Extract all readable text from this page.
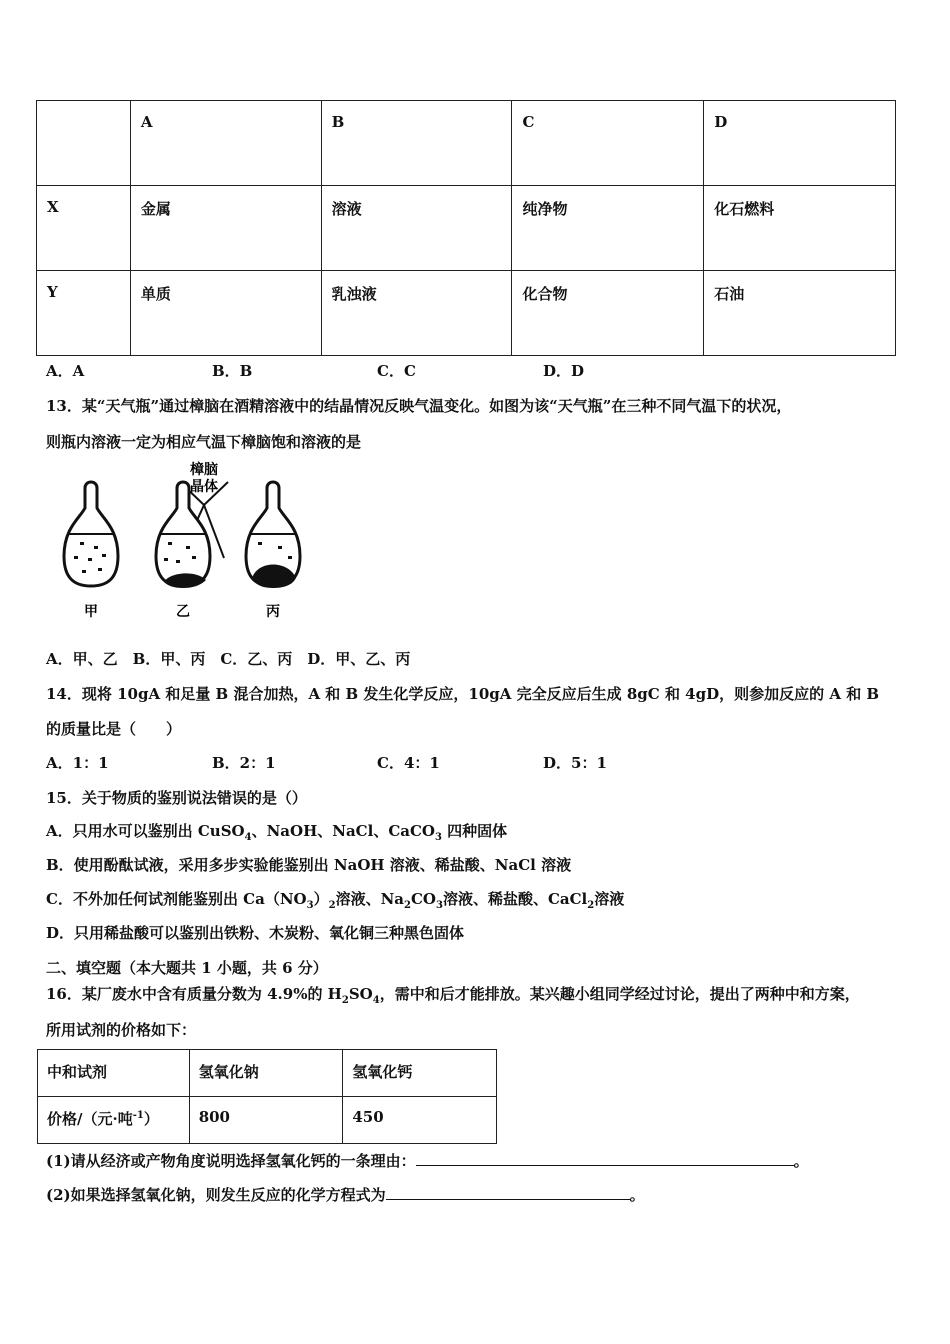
	A	B	C	D

X	金属	溶液	纯净物	化石燃料

Y	单质	乳浊液	化合物	石油
A．A	B．B	C．C	D．D
13．某“天气瓶”通过樟脑在酒精溶液中的结晶情况反映气温变化。如图为该“天气瓶”在三种不同气温下的状况，
则瓶内溶液一定为相应气温下樟脑饱和溶液的是
樟脑
晶体
甲	乙	丙
A．甲、乙　B．甲、丙　C．乙、丙　D．甲、乙、丙
14．现将 10gA 和足量 B 混合加热，A 和 B 发生化学反应，10gA 完全反应后生成 8gC 和 4gD，则参加反应的 A 和 B
的质量比是（　　）
A．1：1	B．2：1	C．4：1	D．5：1
15．关于物质的鉴别说法错误的是（）
A．只用水可以鉴别出 CuSO$_4$、NaOH、NaCl、CaCO$_3$ 四种固体
B．使用酚酞试液，采用多步实验能鉴别出 NaOH 溶液、稀盐酸、NaCl 溶液
C．不外加任何试剂能鉴别出 $Ca(NO_3)_2$溶液、$Na_2CO_3$溶液、稀盐酸、CaCl$_2$溶液
D．只用稀盐酸可以鉴别出铁粉、木炭粉、氧化铜三种黑色固体
二、填空题（本大题共 1 小题，共 6 分）
16．某厂废水中含有质量分数为 4.9%的 $H_2SO_4$，需中和后才能排放。某兴趣小组同学经过讨论，提出了两种中和方案，
所用试剂的价格如下：
中和试剂	氢氧化钠	氢氧化钙

价格/（元·吨$^{-1}$）	800	450
(1)请从经济或产物角度说明选择氢氧化钙的一条理由：	。
(2)如果选择氢氧化钠，则发生反应的化学方程式为	。
